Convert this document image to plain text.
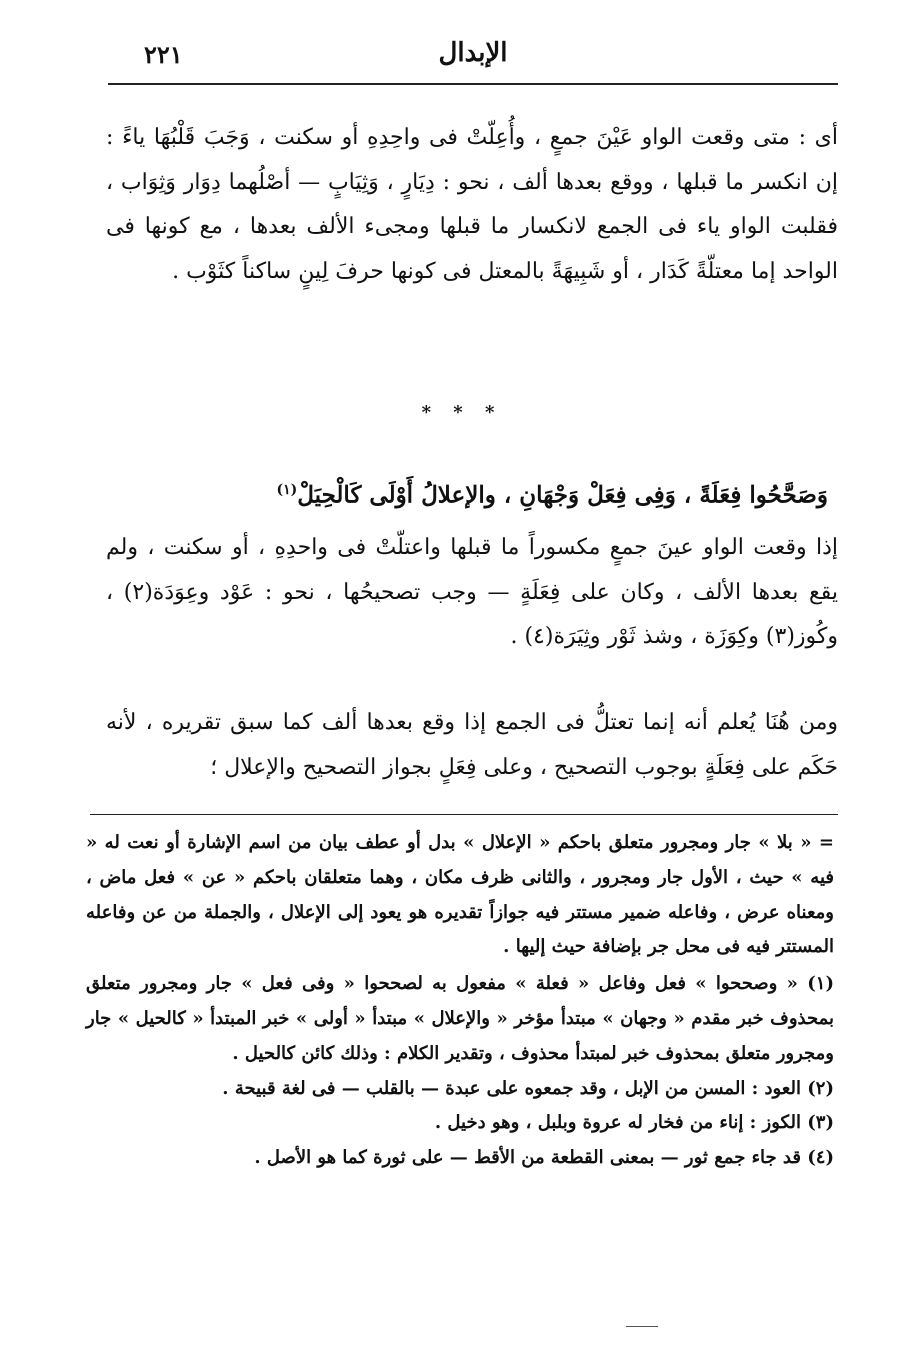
٢٢١	الإبدال

أى : متى وقعت الواو عَيْنَ جمعٍ ، وأُعِلّتْ فى واحِدِهِ أو سكنت ، وَجَبَ قَلْبُهَا ياءً : إن انكسر ما قبلها ، ووقع بعدها ألف ، نحو : دِيَارٍ ، وَثِيَابٍ — أصْلُهما دِوَار وَثِوَاب ، فقلبت الواو ياء فى الجمع لانكسار ما قبلها ومجىء الألف بعدها ، مع كونها فى الواحد إما معتلّةً كَدَار ، أو شَبِيهَةً بالمعتل فى كونها حرفَ لِينٍ ساكناً كثَوْب .

* * *
وَصَحَّحُوا فِعَلَةً ، وَفِى فِعَلْ وَجْهَانِ ، والإعلالُ أَوْلَى كَالْحِيَلْ$^{(١)}$

إذا وقعت الواو عينَ جمعٍ مكسوراً ما قبلها واعتلّتْ فى واحدِهِ ، أو سكنت ، ولم يقع بعدها الألف ، وكان على فِعَلَةٍ — وجب تصحيحُها ، نحو : عَوْد وعِوَدَة(٢) ، وكُوز(٣) وكِوَزَة ، وشذ ثَوْر وثِيَرَة(٤) .

ومن هُنَا يُعلم أنه إنما تعتلُّ فى الجمع إذا وقع بعدها ألف كما سبق تقريره ، لأنه حَكَم على فِعَلَةٍ بوجوب التصحيح ، وعلى فِعَلٍ بجواز التصحيح والإعلال ؛

= « بلا » جار ومجرور متعلق باحكم « الإعلال » بدل أو عطف بيان من اسم الإشارة أو نعت له « فيه » حيث ، الأول جار ومجرور ، والثانى ظرف مكان ، وهما متعلقان باحكم « عن » فعل ماض ، ومعناه عرض ، وفاعله ضمير مستتر فيه جوازاً تقديره هو يعود إلى الإعلال ، والجملة من عن وفاعله المستتر فيه فى محل جر بإضافة حيث إليها .

(١) « وصححوا » فعل وفاعل « فعلة » مفعول به لصححوا « وفى فعل » جار ومجرور متعلق بمحذوف خبر مقدم « وجهان » مبتدأ مؤخر « والإعلال » مبتدأ « أولى » خبر المبتدأ « كالحيل » جار ومجرور متعلق بمحذوف خبر لمبتدأ محذوف ، وتقدير الكلام : وذلك كائن كالحيل .

(٢) العود : المسن من الإبل ، وقد جمعوه على عبدة — بالقلب — فى لغة قبيحة .

(٣) الكوز : إناء من فخار له عروة وبلبل ، وهو دخيل .

(٤) قد جاء جمع ثور — بمعنى القطعة من الأقط — على ثورة كما هو الأصل .
